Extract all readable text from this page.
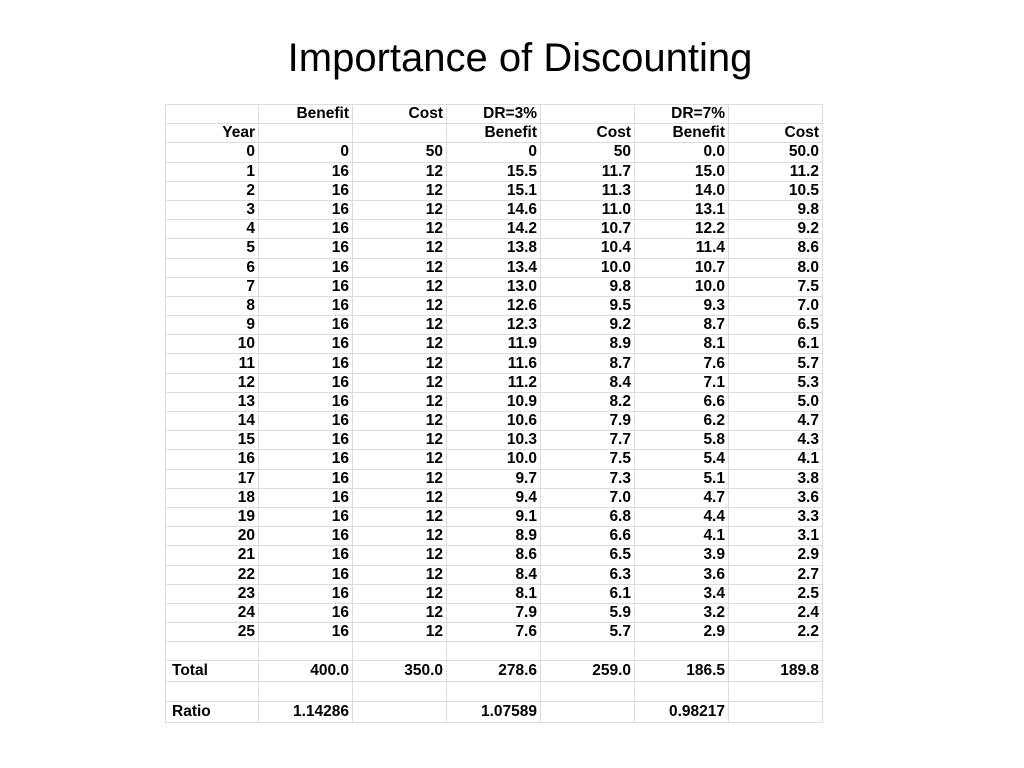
Importance of Discounting
	Benefit	Cost	DR=3%		DR=7%	
Year			Benefit	Cost	Benefit	Cost
0	0	50	0	50	0.0	50.0
1	16	12	15.5	11.7	15.0	11.2
2	16	12	15.1	11.3	14.0	10.5
3	16	12	14.6	11.0	13.1	9.8
4	16	12	14.2	10.7	12.2	9.2
5	16	12	13.8	10.4	11.4	8.6
6	16	12	13.4	10.0	10.7	8.0
7	16	12	13.0	9.8	10.0	7.5
8	16	12	12.6	9.5	9.3	7.0
9	16	12	12.3	9.2	8.7	6.5
10	16	12	11.9	8.9	8.1	6.1
11	16	12	11.6	8.7	7.6	5.7
12	16	12	11.2	8.4	7.1	5.3
13	16	12	10.9	8.2	6.6	5.0
14	16	12	10.6	7.9	6.2	4.7
15	16	12	10.3	7.7	5.8	4.3
16	16	12	10.0	7.5	5.4	4.1
17	16	12	9.7	7.3	5.1	3.8
18	16	12	9.4	7.0	4.7	3.6
19	16	12	9.1	6.8	4.4	3.3
20	16	12	8.9	6.6	4.1	3.1
21	16	12	8.6	6.5	3.9	2.9
22	16	12	8.4	6.3	3.6	2.7
23	16	12	8.1	6.1	3.4	2.5
24	16	12	7.9	5.9	3.2	2.4
25	16	12	7.6	5.7	2.9	2.2

Total	400.0	350.0	278.6	259.0	186.5	189.8

Ratio	1.14286		1.07589		0.98217	
